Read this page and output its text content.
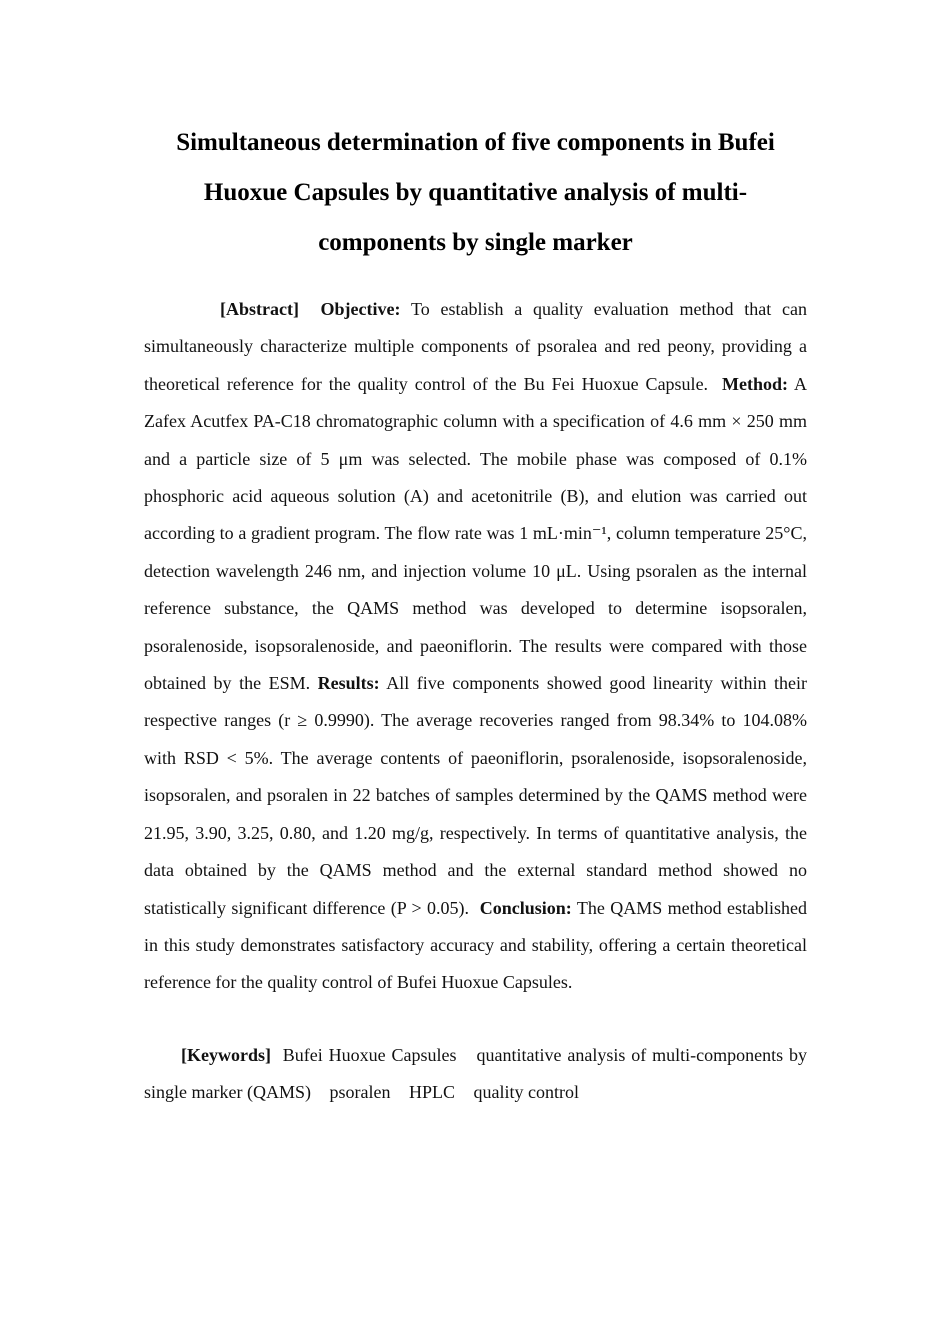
Simultaneous determination of five components in Bufei
Huoxue Capsules by quantitative analysis of multi-
components by single marker

[Abstract] Objective: To establish a quality evaluation method that can simultaneously characterize multiple components of psoralea and red peony, providing a theoretical reference for the quality control of the Bu Fei Huoxue Capsule. Method: A Zafex Acutfex PA-C18 chromatographic column with a specification of 4.6 mm × 250 mm and a particle size of 5 μm was selected. The mobile phase was composed of 0.1% phosphoric acid aqueous solution (A) and acetonitrile (B), and elution was carried out according to a gradient program. The flow rate was 1 mL·min⁻¹, column temperature 25°C, detection wavelength 246 nm, and injection volume 10 μL. Using psoralen as the internal reference substance, the QAMS method was developed to determine isopsoralen, psoralenoside, isopsoralenoside, and paeoniflorin. The results were compared with those obtained by the ESM. Results: All five components showed good linearity within their respective ranges (r ≥ 0.9990). The average recoveries ranged from 98.34% to 104.08% with RSD < 5%. The average contents of paeoniflorin, psoralenoside, isopsoralenoside, isopsoralen, and psoralen in 22 batches of samples determined by the QAMS method were 21.95, 3.90, 3.25, 0.80, and 1.20 mg/g, respectively. In terms of quantitative analysis, the data obtained by the QAMS method and the external standard method showed no statistically significant difference (P > 0.05). Conclusion: The QAMS method established in this study demonstrates satisfactory accuracy and stability, offering a certain theoretical reference for the quality control of Bufei Huoxue Capsules.

[Keywords] Bufei Huoxue Capsules quantitative analysis of multi-components by single marker (QAMS) psoralen HPLC quality control
